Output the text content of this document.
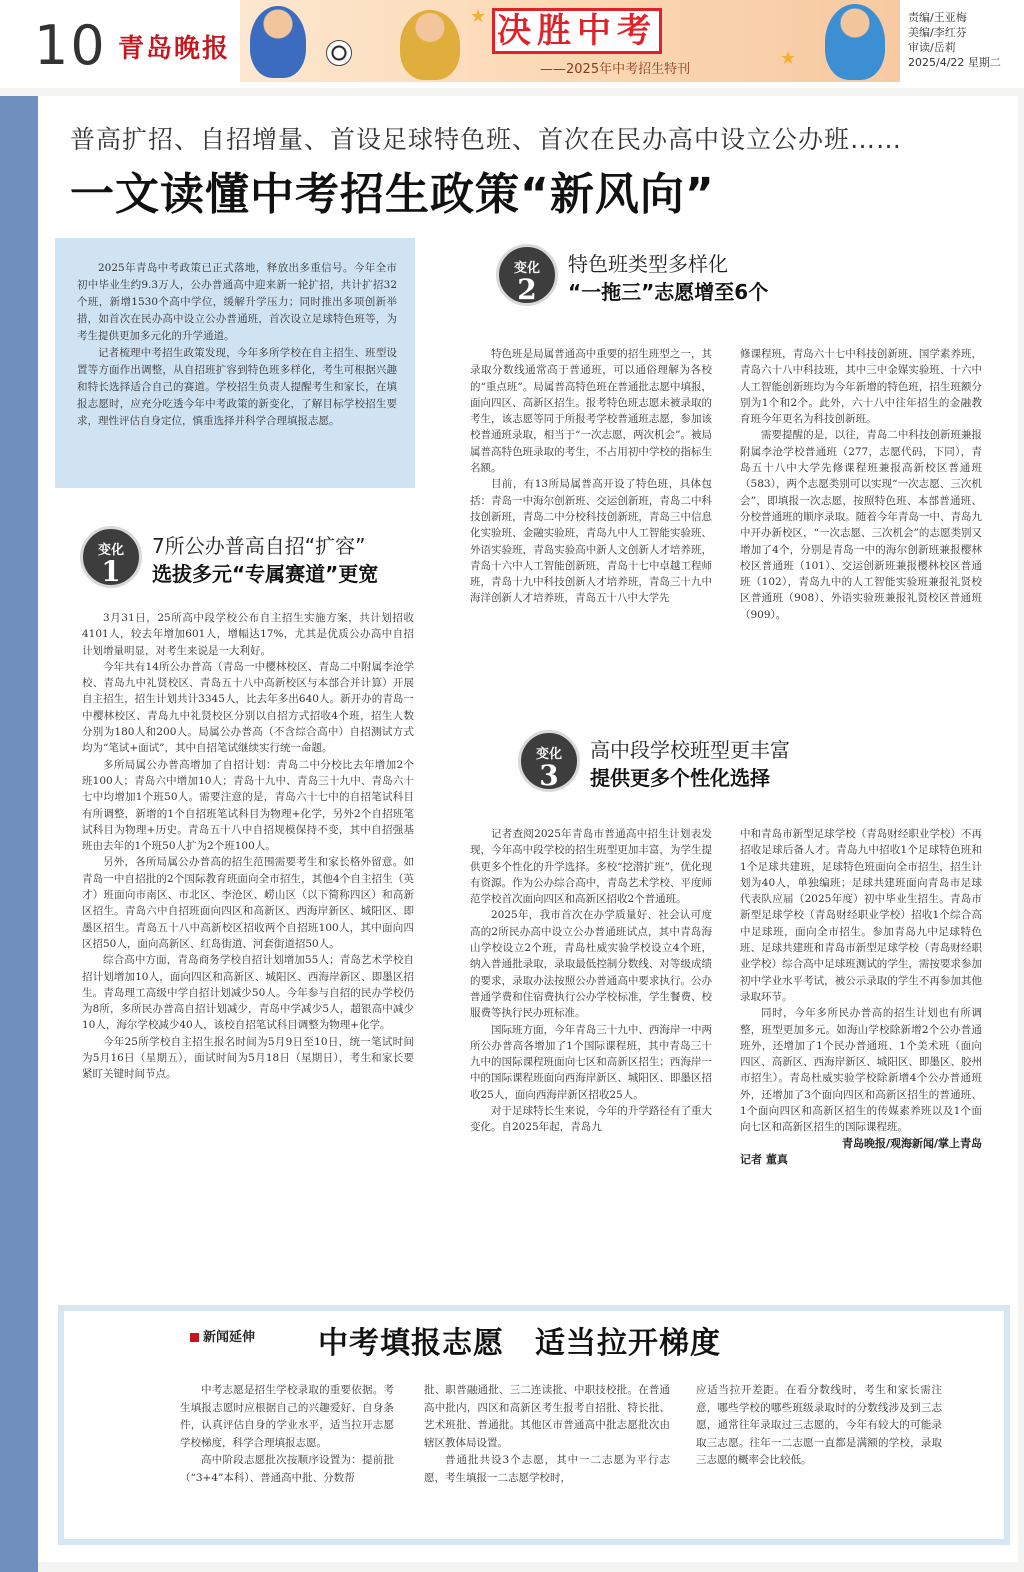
10 青岛晚报
★
★
决胜中考
——2025年中考招生特刊
责编/王亚梅
美编/李红芬
审读/岳莉
2025/4/22 星期二
普高扩招、自招增量、首设足球特色班、首次在民办高中设立公办班……
一文读懂中考招生政策“新风向”

2025年青岛中考政策已正式落地，释放出多重信号。今年全市初中毕业生约9.3万人，公办普通高中迎来新一轮扩招，共计扩招32个班，新增1530个高中学位，缓解升学压力；同时推出多项创新举措，如首次在民办高中设立公办普通班，首次设立足球特色班等，为考生提供更加多元化的升学通道。

记者梳理中考招生政策发现，今年多所学校在自主招生、班型设置等方面作出调整，从自招班扩容到特色班多样化，考生可根据兴趣和特长选择适合自己的赛道。学校招生负责人提醒考生和家长，在填报志愿时，应充分吃透今年中考政策的新变化，了解目标学校招生要求，理性评估自身定位，慎重选择并科学合理填报志愿。

变化
1
7所公办普高自招“扩容”
选拔多元“专属赛道”更宽

3月31日，25所高中段学校公布自主招生实施方案，共计划招收4101人，较去年增加601人，增幅达17%，尤其是优质公办高中自招计划增量明显，对考生来说是一大利好。

今年共有14所公办普高（青岛一中樱林校区、青岛二中附属李沧学校、青岛九中礼贤校区、青岛五十八中高新校区与本部合并计算）开展自主招生，招生计划共计3345人，比去年多出640人。新开办的青岛一中樱林校区、青岛九中礼贤校区分别以自招方式招收4个班，招生人数分别为180人和200人。局属公办普高（不含综合高中）自招测试方式均为“笔试+面试”，其中自招笔试继续实行统一命题。

多所局属公办普高增加了自招计划：青岛二中分校比去年增加2个班100人；青岛六中增加10人；青岛十九中、青岛三十九中、青岛六十七中均增加1个班50人。需要注意的是，青岛六十七中的自招笔试科目有所调整，新增的1个自招班笔试科目为物理+化学，另外2个自招班笔试科目为物理+历史。青岛五十八中自招规模保持不变，其中自招强基班由去年的1个班50人扩为2个班100人。

另外，各所局属公办普高的招生范围需要考生和家长格外留意。如青岛一中自招批的2个国际教育班面向全市招生，其他4个自主招生（英才）班面向市南区、市北区、李沧区、崂山区（以下简称四区）和高新区招生。青岛六中自招班面向四区和高新区、西海岸新区、城阳区、即墨区招生。青岛五十八中高新校区招收两个自招班100人，其中面向四区招50人，面向高新区、红岛街道、河套街道招50人。

综合高中方面，青岛商务学校自招计划增加55人；青岛艺术学校自招计划增加10人，面向四区和高新区、城阳区、西海岸新区、即墨区招生。青岛理工高级中学自招计划减少50人。今年参与自招的民办学校仍为8所，多所民办普高自招计划减少，青岛中学减少5人，超银高中减少10人，海尔学校减少40人，该校自招笔试科目调整为物理+化学。

今年25所学校自主招生报名时间为5月9日至10日，统一笔试时间为5月16日（星期五），面试时间为5月18日（星期日），考生和家长要紧盯关键时间节点。

变化
2
特色班类型多样化
“一拖三”志愿增至6个

特色班是局属普通高中重要的招生班型之一，其录取分数线通常高于普通班，可以通俗理解为各校的“重点班”。局属普高特色班在普通批志愿中填报，面向四区、高新区招生。报考特色班志愿未被录取的考生，该志愿等同于所报考学校普通班志愿，参加该校普通班录取，相当于“一次志愿，两次机会”。被局属普高特色班录取的考生，不占用初中学校的指标生名额。

目前，有13所局属普高开设了特色班，具体包括：青岛一中海尔创新班、交运创新班，青岛二中科技创新班，青岛二中分校科技创新班，青岛三中信息化实验班、金融实验班，青岛九中人工智能实验班、外语实验班，青岛实验高中新人文创新人才培养班，青岛十六中人工智能创新班，青岛十七中卓越工程师班，青岛十九中科技创新人才培养班，青岛三十九中海洋创新人才培养班，青岛五十八中大学先

修课程班，青岛六十七中科技创新班、国学素养班，青岛六十八中科技班，其中三中金媒实验班、十六中人工智能创新班均为今年新增的特色班，招生班额分别为1个和2个。此外，六十八中往年招生的金融教育班今年更名为科技创新班。

需要提醒的是，以往，青岛二中科技创新班兼报附属李沧学校普通班（277，志愿代码，下同），青岛五十八中大学先修课程班兼报高新校区普通班（583），两个志愿类别可以实现“一次志愿、三次机会”，即填报一次志愿，按照特色班、本部普通班、分校普通班的顺序录取。随着今年青岛一中、青岛九中开办新校区，“一次志愿、三次机会”的志愿类别又增加了4个，分别是青岛一中的海尔创新班兼报樱林校区普通班（101）、交运创新班兼报樱林校区普通班（102），青岛九中的人工智能实验班兼报礼贤校区普通班（908）、外语实验班兼报礼贤校区普通班（909）。

变化
3
高中段学校班型更丰富
提供更多个性化选择

记者查阅2025年青岛市普通高中招生计划表发现，今年高中段学校的招生班型更加丰富，为学生提供更多个性化的升学选择。多校“挖潜扩班”，优化现有资源。作为公办综合高中，青岛艺术学校、平度师范学校首次面向四区和高新区招收2个普通班。

2025年，我市首次在办学质量好、社会认可度高的2所民办高中设立公办普通班试点，其中青岛海山学校设立2个班，青岛杜威实验学校设立4个班，纳入普通批录取，录取最低控制分数线、对等级成绩的要求，录取办法按照公办普通高中要求执行。公办普通学费和住宿费执行公办学校标准，学生餐费、校服费等执行民办班标准。

国际班方面，今年青岛三十九中、西海岸一中两所公办普高各增加了1个国际课程班，其中青岛三十九中的国际课程班面向七区和高新区招生；西海岸一中的国际课程班面向西海岸新区、城阳区、即墨区招收25人，面向西海岸新区招收25人。

对于足球特长生来说，今年的升学路径有了重大变化。自2025年起，青岛九

中和青岛市新型足球学校（青岛财经职业学校）不再招收足球后备人才。青岛九中招收1个足球特色班和1个足球共建班，足球特色班面向全市招生，招生计划为40人，单独编班；足球共建班面向青岛市足球代表队应届（2025年度）初中毕业生招生。青岛市新型足球学校（青岛财经职业学校）招收1个综合高中足球班，面向全市招生。参加青岛九中足球特色班、足球共建班和青岛市新型足球学校（青岛财经职业学校）综合高中足球班测试的学生，需按要求参加初中学业水平考试，被公示录取的学生不再参加其他录取环节。

同时，今年多所民办普高的招生计划也有所调整，班型更加多元。如海山学校除新增2个公办普通班外，还增加了1个民办普通班、1个美术班（面向四区、高新区、西海岸新区、城阳区、即墨区、胶州市招生）。青岛杜威实验学校除新增4个公办普通班外，还增加了3个面向四区和高新区招生的普通班、1个面向四区和高新区招生的传媒素养班以及1个面向七区和高新区招生的国际课程班。

青岛晚报/观海新闻/掌上青岛
记者 董真
新闻延伸 中考填报志愿　适当拉开梯度

中考志愿是招生学校录取的重要依据。考生填报志愿时应根据自己的兴趣爱好、自身条件，认真评估自身的学业水平，适当拉开志愿学校梯度，科学合理填报志愿。

高中阶段志愿批次按顺序设置为：提前批（“3+4”本科）、普通高中批、分数帮

批、职普融通批、三二连读批、中职技校批。在普通高中批内，四区和高新区考生报考自招批、特长批、艺术班批、普通批。其他区市普通高中批志愿批次由辖区教体局设置。

普通批共设3个志愿，其中一二志愿为平行志愿，考生填报一二志愿学校时，

应适当拉开差距。在看分数线时，考生和家长需注意，哪些学校的哪些班级录取时的分数线涉及到三志愿，通常往年录取过三志愿的，今年有较大的可能录取三志愿。往年一二志愿一直都是满额的学校，录取三志愿的概率会比较低。
